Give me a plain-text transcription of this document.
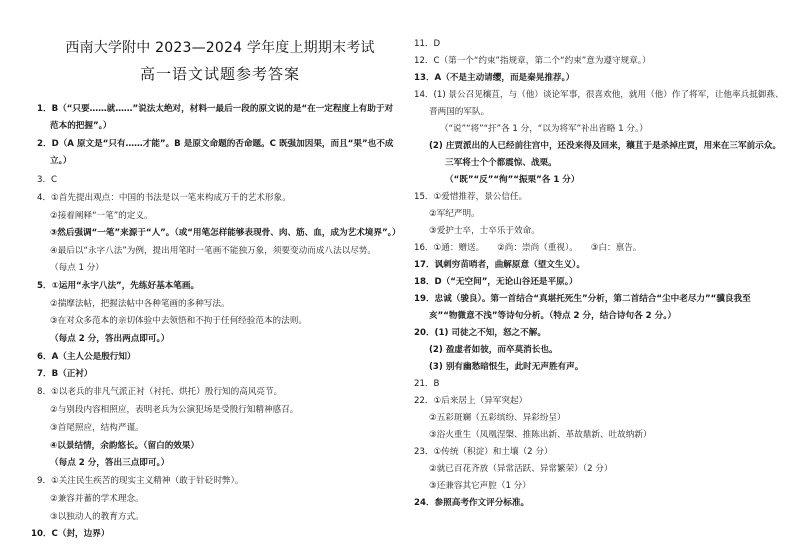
西南大学附中 2023—2024 学年度上期期末考试
高一语文试题参考答案
1．B（“只要……就……”说法太绝对，材料一最后一段的原文说的是“在一定程度上有助于对
范本的把握”。）
2．D（A 原文是“只有……才能”。B 是原文命题的否命题。C 既强加因果，而且“果”也不成
立。）
3．C
4．①首先提出观点：中国的书法是以一笔来构成万千的艺术形象。
②接着阐释“一笔”的定义。
③然后强调“一笔”来源于“人”。（或“用笔怎样能够表现骨、肉、筋、血，成为艺术境界”。）
④最后以“永字八法”为例，提出用笔时一笔画不能独万象，须要变动而成八法以尽势。
（每点 1 分）
5．①运用“永字八法”，先练好基本笔画。
②揣摩法帖，把握法帖中各种笔画的多种写法。
③在对众多范本的亲切体验中去领悟和不拘于任何经验范本的法则。
（每点 2 分，答出两点即可。）
6．A（主人公是殷行知）
7．B（正衬）
8．①以老兵的非凡气派正衬（衬托、烘托）殷行知的高风亮节。
②与别段内容相照应，表明老兵为公演犯场是受殷行知精神感召。
③首尾照应，结构严谨。
④以景结情，余韵悠长。（留白的效果）
（每点 2 分，答出三点即可。）
9．①关注民生疾苦的现实主义精神（敢于针砭时弊）。
②兼容并蓄的学术理念。
③以独动人的教育方式。
10．C（封，边界）
11．D
12．C（第一个“约束”指规章，第二个“约束”意为遵守规章。）
13．A（不是主动请缨，而是秦晃推荐。）
14．(1) 景公召见穰苴，与（他）谈论军事，很喜欢他，就用（他）作了将军，让他率兵抵御燕、
晋两国的军队。
（“说”“将”“扞”各 1 分，“以为将军”补出省略 1 分。）
(2) 庄贾派出的人已经前往宫中，还没来得及回来，穰苴于是杀掉庄贾，用来在三军前示众。
三军将士个个都震惊、战栗。
（“既”“反”“徇”“振栗”各 1 分）
15．①爱惜推荐，景公信任。
②军纪严明。
③爱护士卒，士卒乐于效命。
16．①通：赠送。　　②尚：崇尚（重视）。　　③白：禀告。
17．讽刺穷苗哨者，曲解原意（望文生义）。
18．D（“无空间”，无论山谷还是平原。）
19．忠诚（骏良）。第一首结合“真堪托死生”分析，第二首结合“尘中老尽力”“骥良我至
亥”“物微意不浅”等诗句分析。（特点 2 分，结合诗句各 2 分。）
20．(1) 司徒之不知，怒之不解。
(2) 盈虚者如彼，而卒莫消长也。
(3) 别有幽愁暗恨生，此时无声胜有声。
21．B
22．①后来居上（异军突起）
②五彩斑斓（五彩缤纷、异彩纷呈）
③浴火重生（凤凰涅槃、推陈出新、革故鼎新、吐故纳新）
23．①传统（积淀）和土壤（2 分）
②就已百花齐放（异常活跃、异常繁荣）（2 分）
③还兼容其它声腔（1 分）
24．参照高考作文评分标准。
